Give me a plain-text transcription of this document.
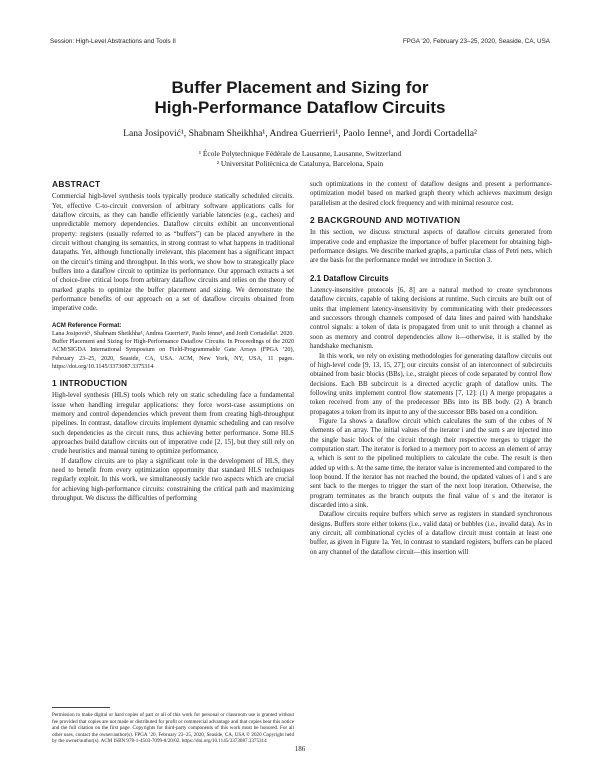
Session: High-Level Abstractions and Tools II	FPGA '20, February 23–25, 2020, Seaside, CA, USA
Buffer Placement and Sizing for
High-Performance Dataflow Circuits
Lana Josipović¹, Shabnam Sheikhha¹, Andrea Guerrieri¹, Paolo Ienne¹, and Jordi Cortadella²
¹ École Polytechnique Fédérale de Lausanne, Lausanne, Switzerland
² Universitat Politècnica de Catalunya, Barcelona, Spain
ABSTRACT

Commercial high-level synthesis tools typically produce statically scheduled circuits. Yet, effective C-to-circuit conversion of arbitrary software applications calls for dataflow circuits, as they can handle efficiently variable latencies (e.g., caches) and unpredictable memory dependencies. Dataflow circuits exhibit an unconventional property: registers (usually referred to as “buffers”) can be placed anywhere in the circuit without changing its semantics, in strong contrast to what happens in traditional datapaths. Yet, although functionally irrelevant, this placement has a significant impact on the circuit’s timing and throughput. In this work, we show how to strategically place buffers into a dataflow circuit to optimize its performance. Our approach extracts a set of choice-free critical loops from arbitrary dataflow circuits and relies on the theory of marked graphs to optimize the buffer placement and sizing. We demonstrate the performance benefits of our approach on a set of dataflow circuits obtained from imperative code.

ACM Reference Format:

Lana Josipović¹, Shabnam Sheikhha¹, Andrea Guerrieri¹, Paolo Ienne¹, and Jordi Cortadella². 2020. Buffer Placement and Sizing for High-Performance Dataflow Circuits. In Proceedings of the 2020 ACM/SIGDA International Symposium on Field-Programmable Gate Arrays (FPGA ’20), February 23–25, 2020, Seaside, CA, USA. ACM, New York, NY, USA, 11 pages. https://doi.org/10.1145/3373087.3375314

1 INTRODUCTION

High-level synthesis (HLS) tools which rely on static scheduling face a fundamental issue when handling irregular applications: they force worst-case assumptions on memory and control dependencies which prevent them from creating high-throughput pipelines. In contrast, dataflow circuits implement dynamic scheduling and can resolve such dependencies as the circuit runs, thus achieving better performance. Some HLS approaches build dataflow circuits out of imperative code [2, 15], but they still rely on crude heuristics and manual tuning to optimize performance.

If dataflow circuits are to play a significant role in the development of HLS, they need to benefit from every optimization opportunity that standard HLS techniques regularly exploit. In this work, we simultaneously tackle two aspects which are crucial for achieving high-performance circuits: constraining the critical path and maximizing throughput. We discuss the difficulties of performing

Permission to make digital or hard copies of part or all of this work for personal or classroom use is granted without fee provided that copies are not made or distributed for profit or commercial advantage and that copies bear this notice and the full citation on the first page. Copyrights for third-party components of this work must be honored. For all other uses, contact the owner/author(s). FPGA ’20, February 23–25, 2020, Seaside, CA, USA © 2020 Copyright held by the owner/author(s). ACM ISBN 978-1-4503-7099-8/20/02. https://doi.org/10.1145/3373087.3375314

such optimizations in the context of dataflow designs and present a performance-optimization model based on marked graph theory which achieves maximum design parallelism at the desired clock frequency and with minimal resource cost.

2 BACKGROUND AND MOTIVATION

In this section, we discuss structural aspects of dataflow circuits generated from imperative code and emphasize the importance of buffer placement for obtaining high-performance designs. We describe marked graphs, a particular class of Petri nets, which are the basis for the performance model we introduce in Section 3.

2.1 Dataflow Circuits

Latency-insensitive protocols [6, 8] are a natural method to create synchronous dataflow circuits, capable of taking decisions at runtime. Such circuits are built out of units that implement latency-insensitivity by communicating with their predecessors and successors through channels composed of data lines and paired with handshake control signals: a token of data is propagated from unit to unit through a channel as soon as memory and control dependencies allow it—otherwise, it is stalled by the handshake mechanism.

In this work, we rely on existing methodologies for generating dataflow circuits out of high-level code [9, 13, 15, 27]; our circuits consist of an interconnect of subcircuits obtained from basic blocks (BBs), i.e., straight pieces of code separated by control flow decisions. Each BB subcircuit is a directed acyclic graph of dataflow units. The following units implement control flow statements [7, 12]: (1) A merge propagates a token received from any of the predecessor BBs into its BB body. (2) A branch propagates a token from its input to any of the successor BBs based on a condition.

Figure 1a shows a dataflow circuit which calculates the sum of the cubes of N elements of an array. The initial values of the iterator i and the sum s are injected into the single basic block of the circuit through their respective merges to trigger the computation start. The iterator is forked to a memory port to access an element of array a, which is sent to the pipelined multipliers to calculate the cube. The result is then added up with s. At the same time, the iterator value is incremented and compared to the loop bound. If the iterator has not reached the bound, the updated values of i and s are sent back to the merges to trigger the start of the next loop iteration. Otherwise, the program terminates as the branch outputs the final value of s and the iterator is discarded into a sink.

Dataflow circuits require buffers which serve as registers in standard synchronous designs. Buffers store either tokens (i.e., valid data) or bubbles (i.e., invalid data). As in any circuit, all combinational cycles of a dataflow circuit must contain at least one buffer, as given in Figure 1a. Yet, in contrast to standard registers, buffers can be placed on any channel of the dataflow circuit—this insertion will

186
